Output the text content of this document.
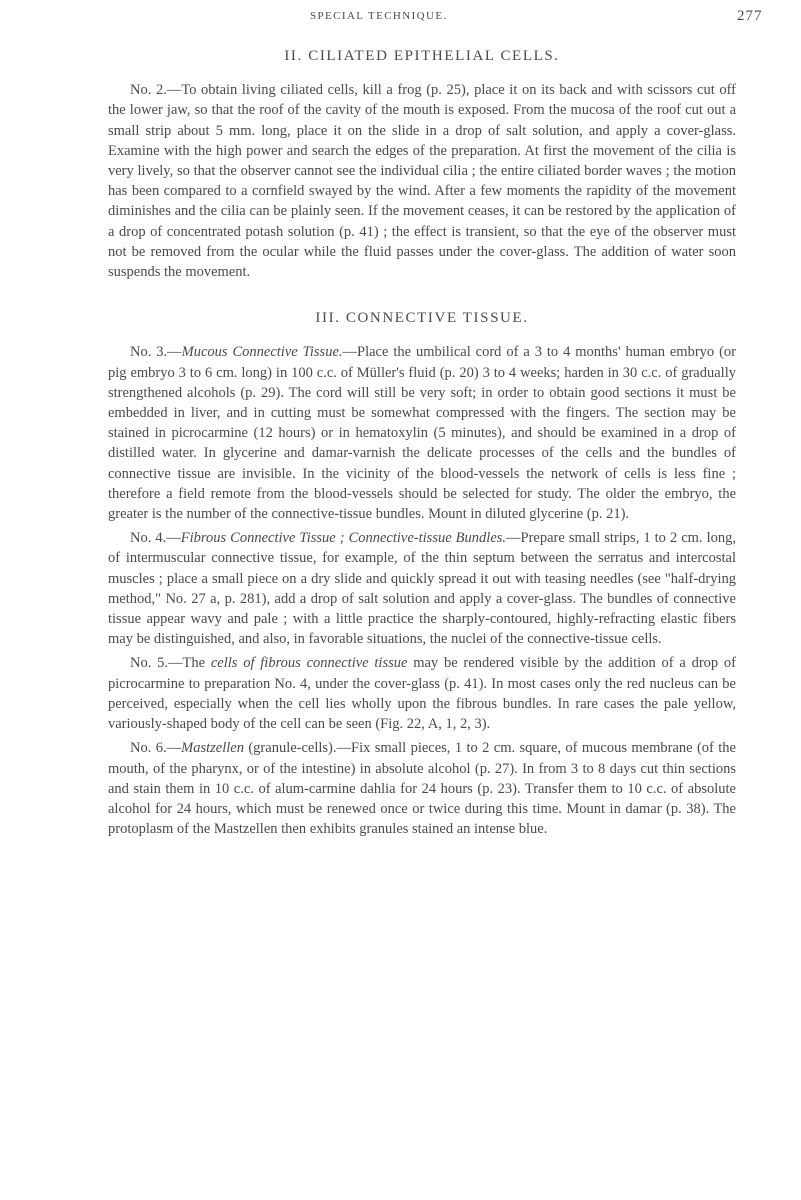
SPECIAL TECHNIQUE.	277
II. CILIATED EPITHELIAL CELLS.

No. 2.—To obtain living ciliated cells, kill a frog (p. 25), place it on its back and with scissors cut off the lower jaw, so that the roof of the cavity of the mouth is exposed. From the mucosa of the roof cut out a small strip about 5 mm. long, place it on the slide in a drop of salt solution, and apply a cover-glass. Examine with the high power and search the edges of the preparation. At first the movement of the cilia is very lively, so that the observer cannot see the individual cilia ; the entire ciliated border waves ; the motion has been compared to a cornfield swayed by the wind. After a few moments the rapidity of the movement diminishes and the cilia can be plainly seen. If the movement ceases, it can be restored by the application of a drop of concentrated potash solution (p. 41) ; the effect is transient, so that the eye of the observer must not be removed from the ocular while the fluid passes under the cover-glass. The addition of water soon suspends the movement.

III. CONNECTIVE TISSUE.

No. 3.—Mucous Connective Tissue.—Place the umbilical cord of a 3 to 4 months' human embryo (or pig embryo 3 to 6 cm. long) in 100 c.c. of Müller's fluid (p. 20) 3 to 4 weeks; harden in 30 c.c. of gradually strengthened alcohols (p. 29). The cord will still be very soft; in order to obtain good sections it must be embedded in liver, and in cutting must be somewhat compressed with the fingers. The section may be stained in picrocarmine (12 hours) or in hematoxylin (5 minutes), and should be examined in a drop of distilled water. In glycerine and damar-varnish the delicate processes of the cells and the bundles of connective tissue are invisible. In the vicinity of the blood-vessels the network of cells is less fine ; therefore a field remote from the blood-vessels should be selected for study. The older the embryo, the greater is the number of the connective-tissue bundles. Mount in diluted glycerine (p. 21).

No. 4.—Fibrous Connective Tissue ; Connective-tissue Bundles.—Prepare small strips, 1 to 2 cm. long, of intermuscular connective tissue, for example, of the thin septum between the serratus and intercostal muscles ; place a small piece on a dry slide and quickly spread it out with teasing needles (see "half-drying method," No. 27 a, p. 281), add a drop of salt solution and apply a cover-glass. The bundles of connective tissue appear wavy and pale ; with a little practice the sharply-contoured, highly-refracting elastic fibers may be distinguished, and also, in favorable situations, the nuclei of the connective-tissue cells.

No. 5.—The cells of fibrous connective tissue may be rendered visible by the addition of a drop of picrocarmine to preparation No. 4, under the cover-glass (p. 41). In most cases only the red nucleus can be perceived, especially when the cell lies wholly upon the fibrous bundles. In rare cases the pale yellow, variously-shaped body of the cell can be seen (Fig. 22, A, 1, 2, 3).

No. 6.—Mastzellen (granule-cells).—Fix small pieces, 1 to 2 cm. square, of mucous membrane (of the mouth, of the pharynx, or of the intestine) in absolute alcohol (p. 27). In from 3 to 8 days cut thin sections and stain them in 10 c.c. of alum-carmine dahlia for 24 hours (p. 23). Transfer them to 10 c.c. of absolute alcohol for 24 hours, which must be renewed once or twice during this time. Mount in damar (p. 38). The protoplasm of the Mastzellen then exhibits granules stained an intense blue.
